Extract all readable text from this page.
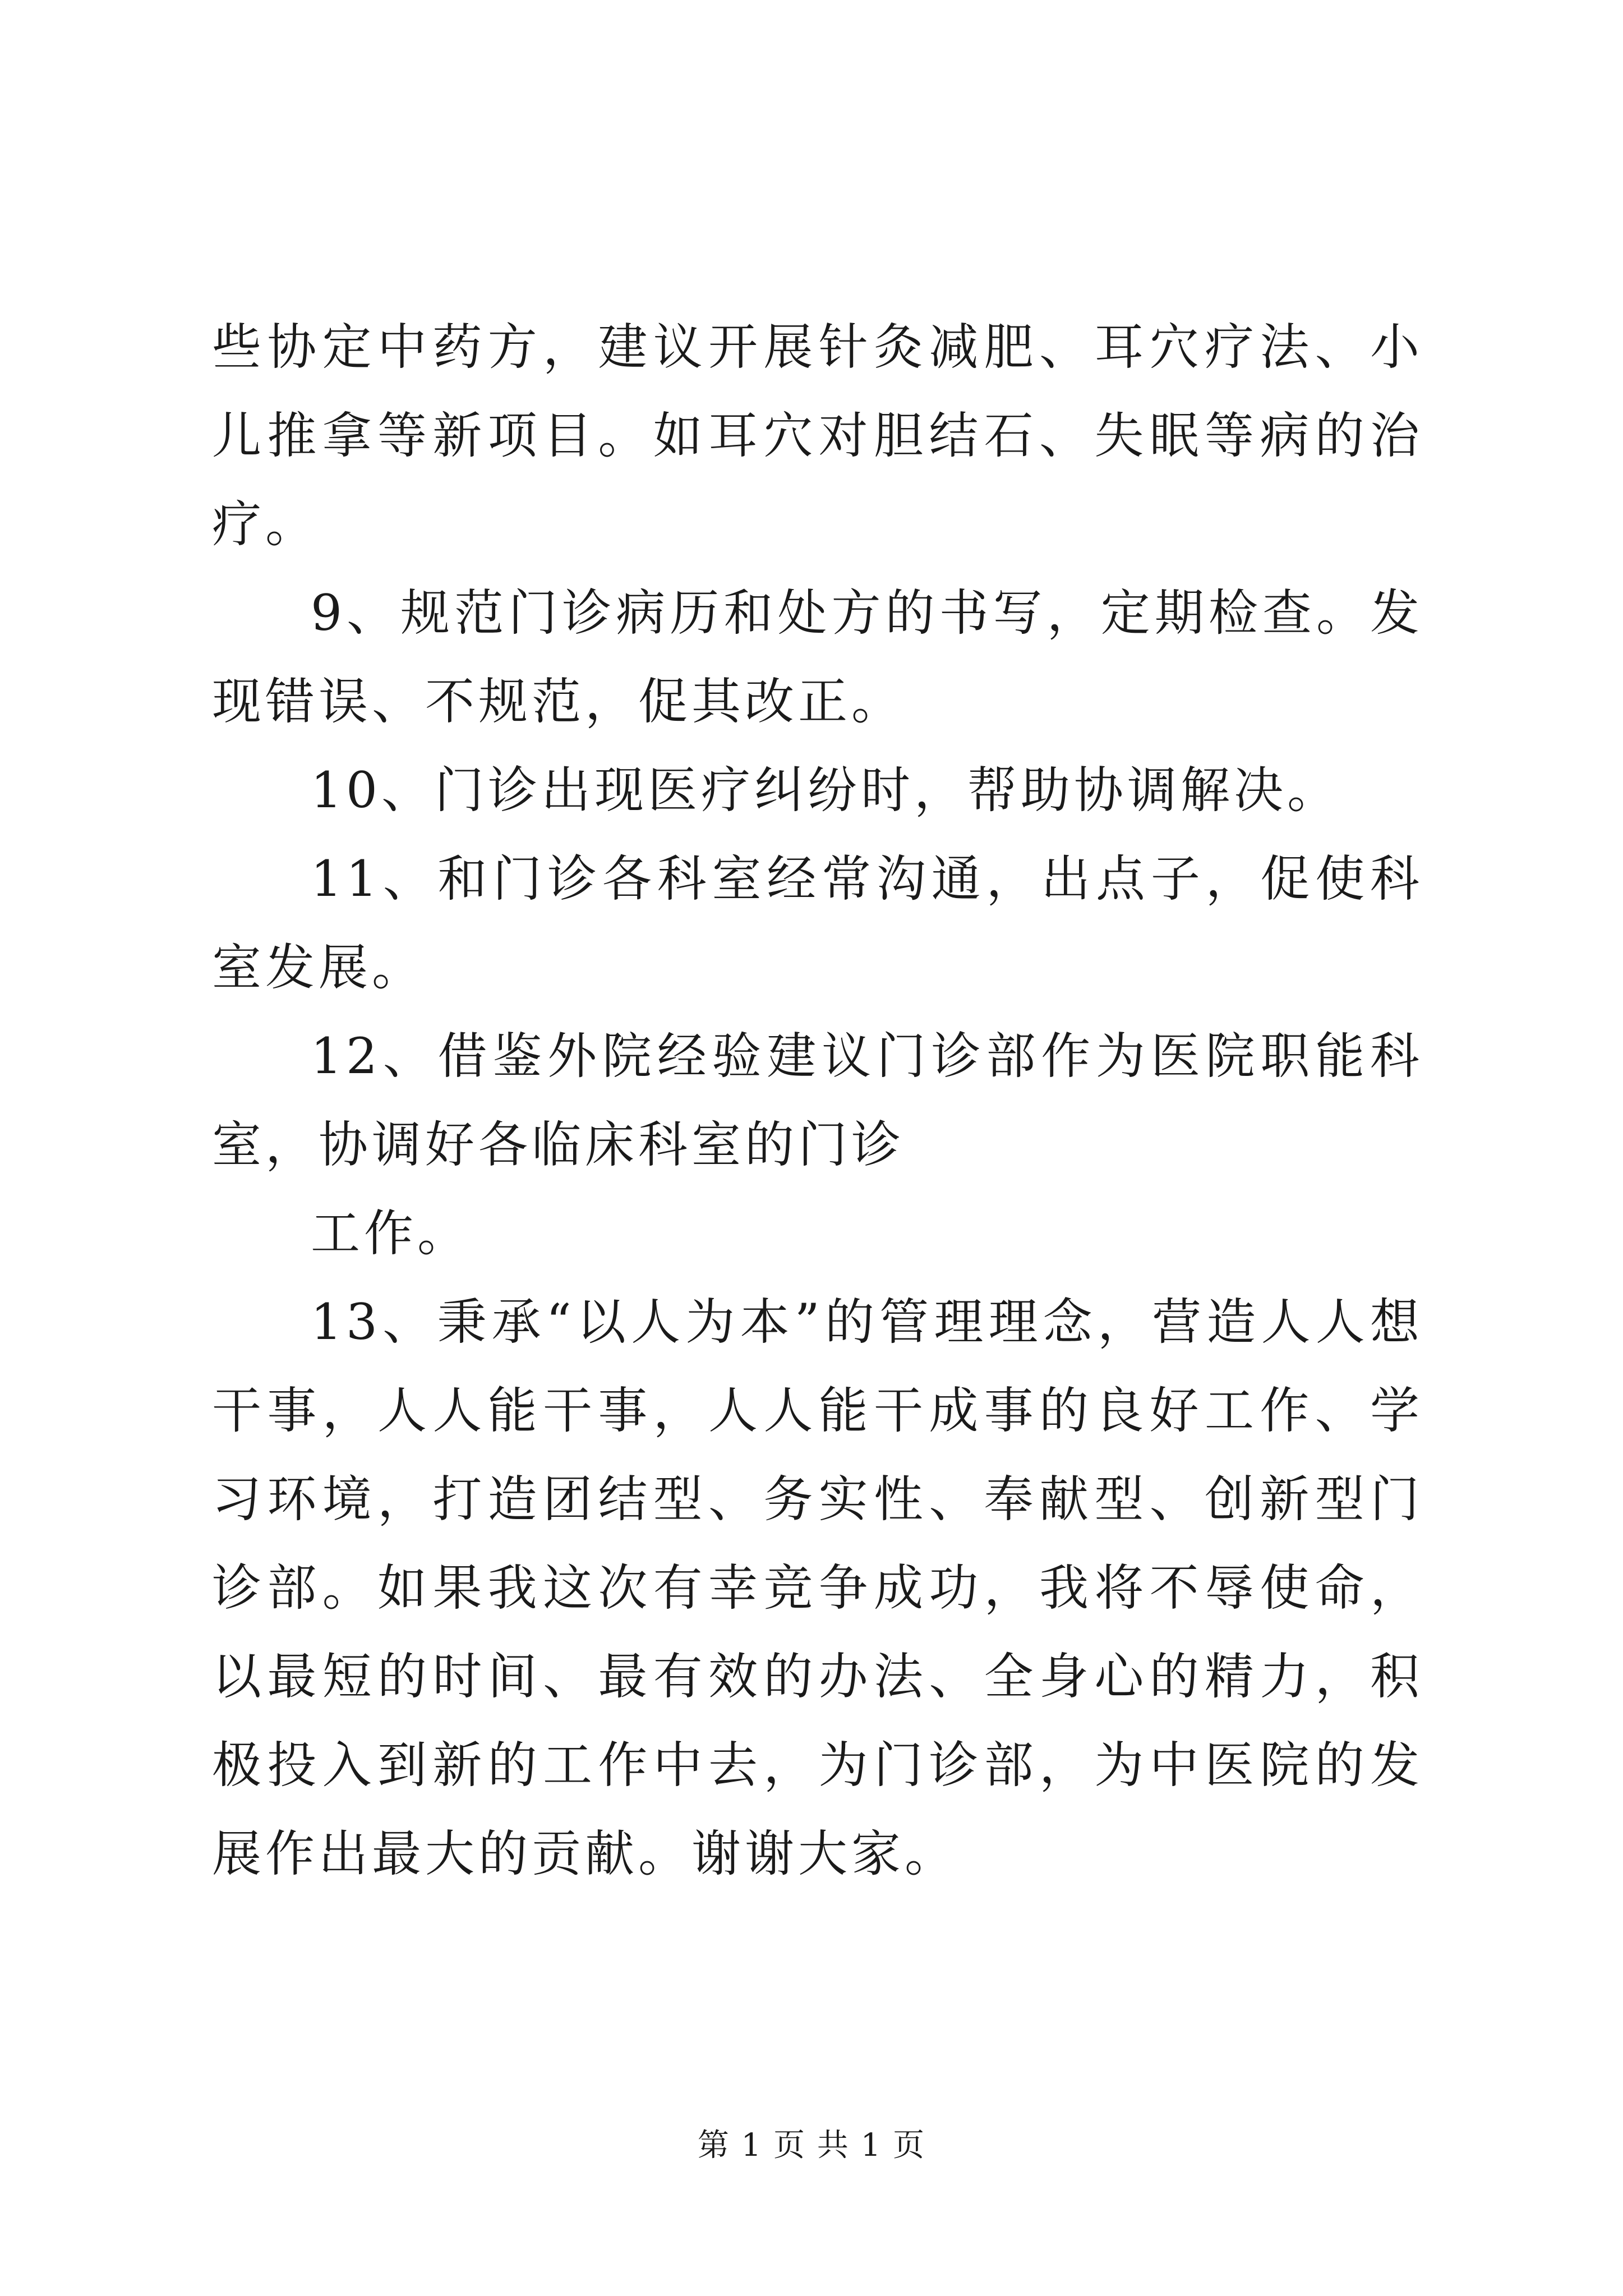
些协定中药方，建议开展针灸减肥、耳穴疗法、小儿推拿等新项目。如耳穴对胆结石、失眠等病的治疗。

9、规范门诊病历和处方的书写，定期检查。发现错误、不规范，促其改正。

10、门诊出现医疗纠纷时，帮助协调解决。

11、和门诊各科室经常沟通，出点子，促使科室发展。

12、借鉴外院经验建议门诊部作为医院职能科室，协调好各临床科室的门诊

工作。

13、秉承“以人为本”的管理理念，营造人人想干事，人人能干事，人人能干成事的良好工作、学习环境，打造团结型、务实性、奉献型、创新型门诊部。如果我这次有幸竞争成功，我将不辱使命，以最短的时间、最有效的办法、全身心的精力，积极投入到新的工作中去，为门诊部，为中医院的发展作出最大的贡献。谢谢大家。

第 1 页 共 1 页
